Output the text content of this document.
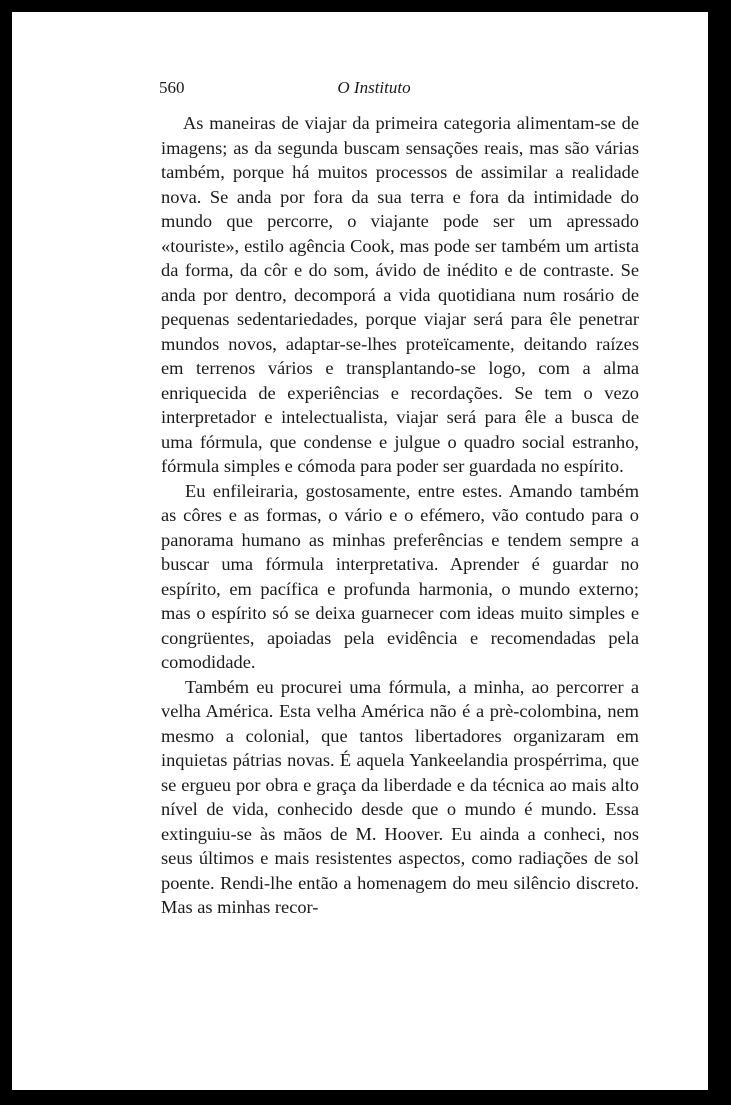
560	O Instituto

As maneiras de viajar da primeira categoria alimentam-se de imagens; as da segunda buscam sensações reais, mas são várias também, porque há muitos processos de assimilar a realidade nova. Se anda por fora da sua terra e fora da intimidade do mundo que percorre, o viajante pode ser um apressado «touriste», estilo agência Cook, mas pode ser também um artista da forma, da côr e do som, ávido de inédito e de contraste. Se anda por dentro, decomporá a vida quotidiana num rosário de pequenas sedentariedades, porque viajar será para êle penetrar mundos novos, adaptar-se-lhes proteïcamente, deitando raízes em terrenos vários e transplantando-se logo, com a alma enriquecida de experiências e recordações. Se tem o vezo interpretador e intelectualista, viajar será para êle a busca de uma fórmula, que condense e julgue o quadro social estranho, fórmula simples e cómoda para poder ser guardada no espírito.

Eu enfileiraria, gostosamente, entre estes. Amando também as côres e as formas, o vário e o efémero, vão contudo para o panorama humano as minhas preferências e tendem sempre a buscar uma fórmula interpretativa. Aprender é guardar no espírito, em pacífica e profunda harmonia, o mundo externo; mas o espírito só se deixa guarnecer com ideas muito simples e congrüentes, apoiadas pela evidência e recomendadas pela comodidade.

Também eu procurei uma fórmula, a minha, ao percorrer a velha América. Esta velha América não é a prè-colombina, nem mesmo a colonial, que tantos libertadores organizaram em inquietas pátrias novas. É aquela Yankeelandia prospérrima, que se ergueu por obra e graça da liberdade e da técnica ao mais alto nível de vida, conhecido desde que o mundo é mundo. Essa extinguiu-se às mãos de M. Hoover. Eu ainda a conheci, nos seus últimos e mais resistentes aspectos, como radiações de sol poente. Rendi-lhe então a homenagem do meu silêncio discreto. Mas as minhas recor-
